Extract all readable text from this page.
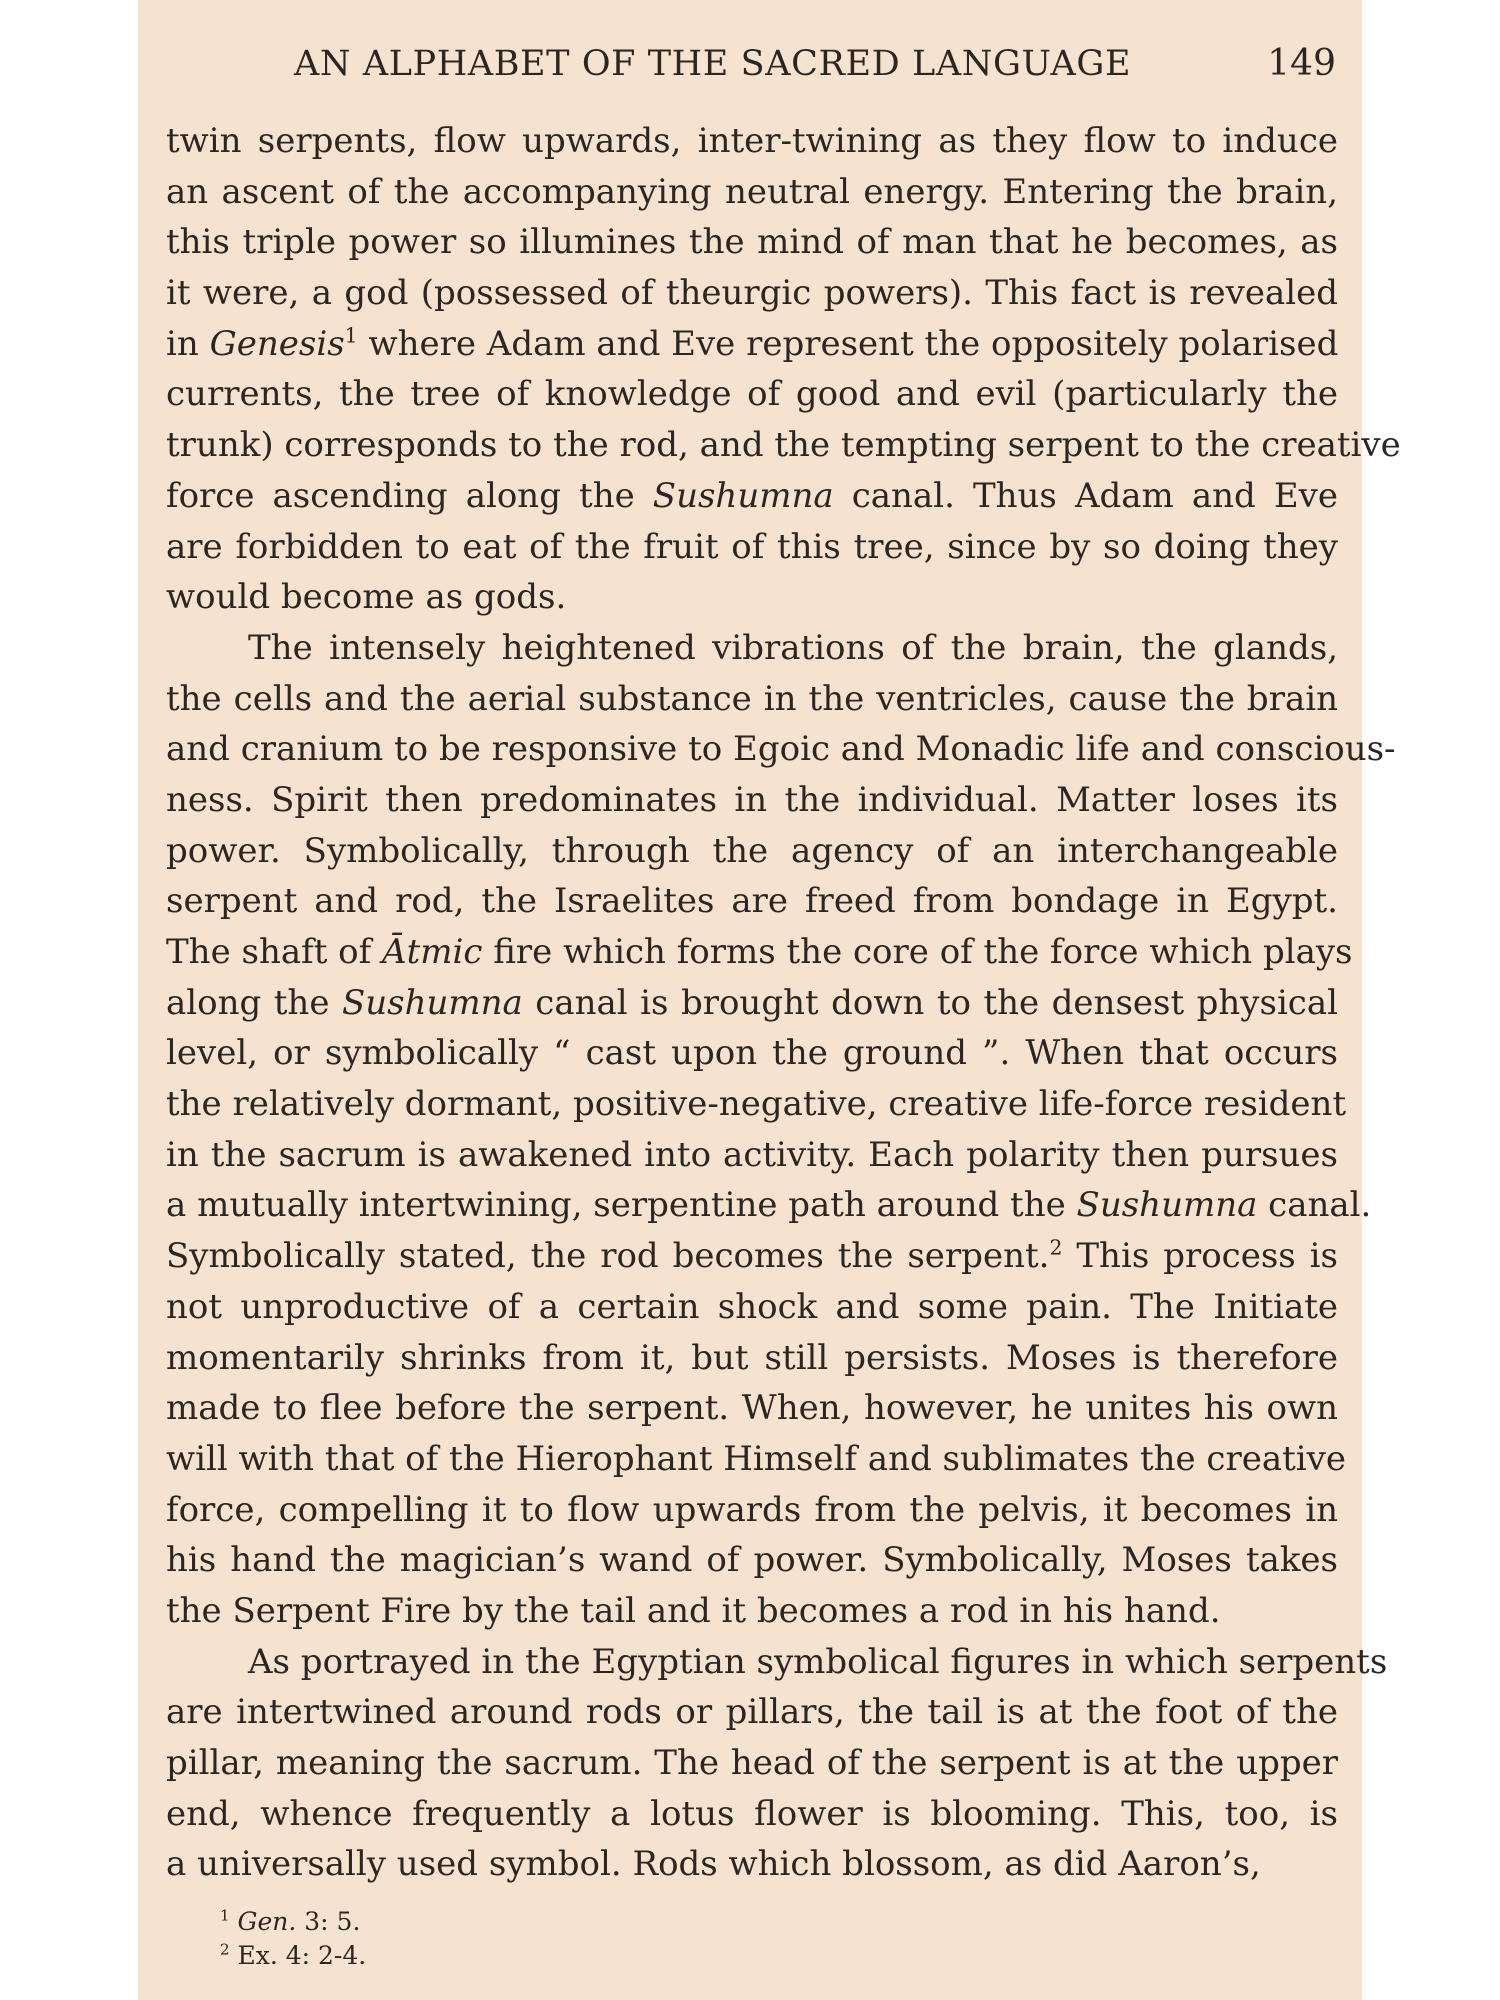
AN ALPHABET OF THE SACRED LANGUAGE	149
twin serpents, flow upwards, inter-twining as they flow to induce
an ascent of the accompanying neutral energy. Entering the brain,
this triple power so illumines the mind of man that he becomes, as
it were, a god (possessed of theurgic powers). This fact is revealed
in Genesis$^1$ where Adam and Eve represent the oppositely polarised
currents, the tree of knowledge of good and evil (particularly the
trunk) corresponds to the rod, and the tempting serpent to the creative
force ascending along the Sushumna canal. Thus Adam and Eve
are forbidden to eat of the fruit of this tree, since by so doing they
would become as gods.
The intensely heightened vibrations of the brain, the glands,
the cells and the aerial substance in the ventricles, cause the brain
and cranium to be responsive to Egoic and Monadic life and conscious-
ness. Spirit then predominates in the individual. Matter loses its
power. Symbolically, through the agency of an interchangeable
serpent and rod, the Israelites are freed from bondage in Egypt.
The shaft of Ātmic fire which forms the core of the force which plays
along the Sushumna canal is brought down to the densest physical
level, or symbolically “ cast upon the ground ”. When that occurs
the relatively dormant, positive-negative, creative life-force resident
in the sacrum is awakened into activity. Each polarity then pursues
a mutually intertwining, serpentine path around the Sushumna canal.
Symbolically stated, the rod becomes the serpent.$^2$ This process is
not unproductive of a certain shock and some pain. The Initiate
momentarily shrinks from it, but still persists. Moses is therefore
made to flee before the serpent. When, however, he unites his own
will with that of the Hierophant Himself and sublimates the creative
force, compelling it to flow upwards from the pelvis, it becomes in
his hand the magician’s wand of power. Symbolically, Moses takes
the Serpent Fire by the tail and it becomes a rod in his hand.
As portrayed in the Egyptian symbolical figures in which serpents
are intertwined around rods or pillars, the tail is at the foot of the
pillar, meaning the sacrum. The head of the serpent is at the upper
end, whence frequently a lotus flower is blooming. This, too, is
a universally used symbol. Rods which blossom, as did Aaron’s,
$^1$ Gen. 3: 5.
$^2$ Ex. 4: 2-4.
